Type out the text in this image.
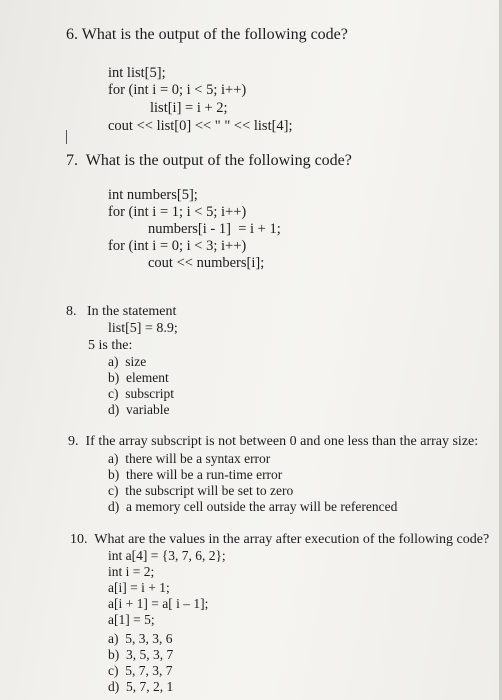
6. What is the output of the following code?
int list[5];
for (int i = 0; i < 5; i++)
list[i] = i + 2;
cout << list[0] << " " << list[4];
7.  What is the output of the following code?
int numbers[5];
for (int i = 1; i < 5; i++)
numbers[i - 1]  = i + 1;
for (int i = 0; i < 3; i++)
cout << numbers[i];
8.   In the statement
list[5] = 8.9;
5 is the:
a)  size
b)  element
c)  subscript
d)  variable
9.  If the array subscript is not between 0 and one less than the array size:
a)  there will be a syntax error
b)  there will be a run-time error
c)  the subscript will be set to zero
d)  a memory cell outside the array will be referenced
10.  What are the values in the array after execution of the following code?
int a[4] = {3, 7, 6, 2};
int i = 2;
a[i] = i + 1;
a[i + 1] = a[ i – 1];
a[1] = 5;
a)  5, 3, 3, 6
b)  3, 5, 3, 7
c)  5, 7, 3, 7
d)  5, 7, 2, 1
